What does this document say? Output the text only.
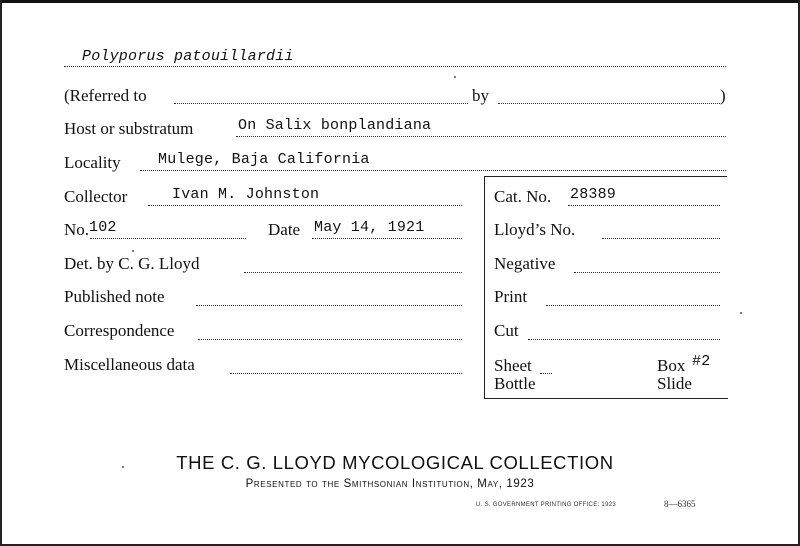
Polyporus patouillardii
(Referred to	by	)
Host or substratum	On Salix bonplandiana
Locality Mulege, Baja California
Collector	Ivan M. Johnston	Cat. No. 28389
No. 102	Date May 14, 1921	Lloyd’s No.
Det. by C. G. Lloyd	Negative
Published note	Print
Correspondence	Cut
Miscellaneous data	Sheet	Box #2
Bottle	Slide
THE C. G. LLOYD MYCOLOGICAL COLLECTION
Presented to the Smithsonian Institution, May, 1923
U. S. GOVERNMENT PRINTING OFFICE: 1923	8—6365
